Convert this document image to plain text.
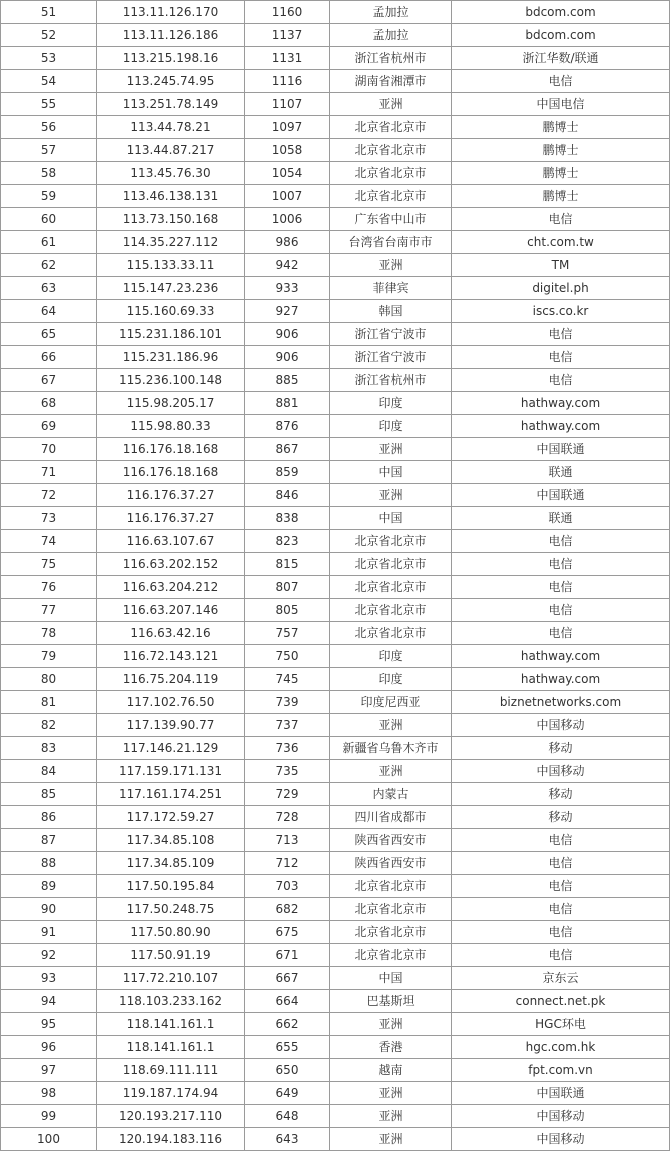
51	113.11.126.170	1160	孟加拉	bdcom.com
52	113.11.126.186	1137	孟加拉	bdcom.com
53	113.215.198.16	1131	浙江省杭州市	浙江华数/联通
54	113.245.74.95	1116	湖南省湘潭市	电信
55	113.251.78.149	1107	亚洲	中国电信
56	113.44.78.21	1097	北京省北京市	鹏博士
57	113.44.87.217	1058	北京省北京市	鹏博士
58	113.45.76.30	1054	北京省北京市	鹏博士
59	113.46.138.131	1007	北京省北京市	鹏博士
60	113.73.150.168	1006	广东省中山市	电信
61	114.35.227.112	986	台湾省台南市市	cht.com.tw
62	115.133.33.11	942	亚洲	TM
63	115.147.23.236	933	菲律宾	digitel.ph
64	115.160.69.33	927	韩国	iscs.co.kr
65	115.231.186.101	906	浙江省宁波市	电信
66	115.231.186.96	906	浙江省宁波市	电信
67	115.236.100.148	885	浙江省杭州市	电信
68	115.98.205.17	881	印度	hathway.com
69	115.98.80.33	876	印度	hathway.com
70	116.176.18.168	867	亚洲	中国联通
71	116.176.18.168	859	中国	联通
72	116.176.37.27	846	亚洲	中国联通
73	116.176.37.27	838	中国	联通
74	116.63.107.67	823	北京省北京市	电信
75	116.63.202.152	815	北京省北京市	电信
76	116.63.204.212	807	北京省北京市	电信
77	116.63.207.146	805	北京省北京市	电信
78	116.63.42.16	757	北京省北京市	电信
79	116.72.143.121	750	印度	hathway.com
80	116.75.204.119	745	印度	hathway.com
81	117.102.76.50	739	印度尼西亚	biznetnetworks.com
82	117.139.90.77	737	亚洲	中国移动
83	117.146.21.129	736	新疆省乌鲁木齐市	移动
84	117.159.171.131	735	亚洲	中国移动
85	117.161.174.251	729	内蒙古	移动
86	117.172.59.27	728	四川省成都市	移动
87	117.34.85.108	713	陕西省西安市	电信
88	117.34.85.109	712	陕西省西安市	电信
89	117.50.195.84	703	北京省北京市	电信
90	117.50.248.75	682	北京省北京市	电信
91	117.50.80.90	675	北京省北京市	电信
92	117.50.91.19	671	北京省北京市	电信
93	117.72.210.107	667	中国	京东云
94	118.103.233.162	664	巴基斯坦	connect.net.pk
95	118.141.161.1	662	亚洲	HGC环电
96	118.141.161.1	655	香港	hgc.com.hk
97	118.69.111.111	650	越南	fpt.com.vn
98	119.187.174.94	649	亚洲	中国联通
99	120.193.217.110	648	亚洲	中国移动
100	120.194.183.116	643	亚洲	中国移动
